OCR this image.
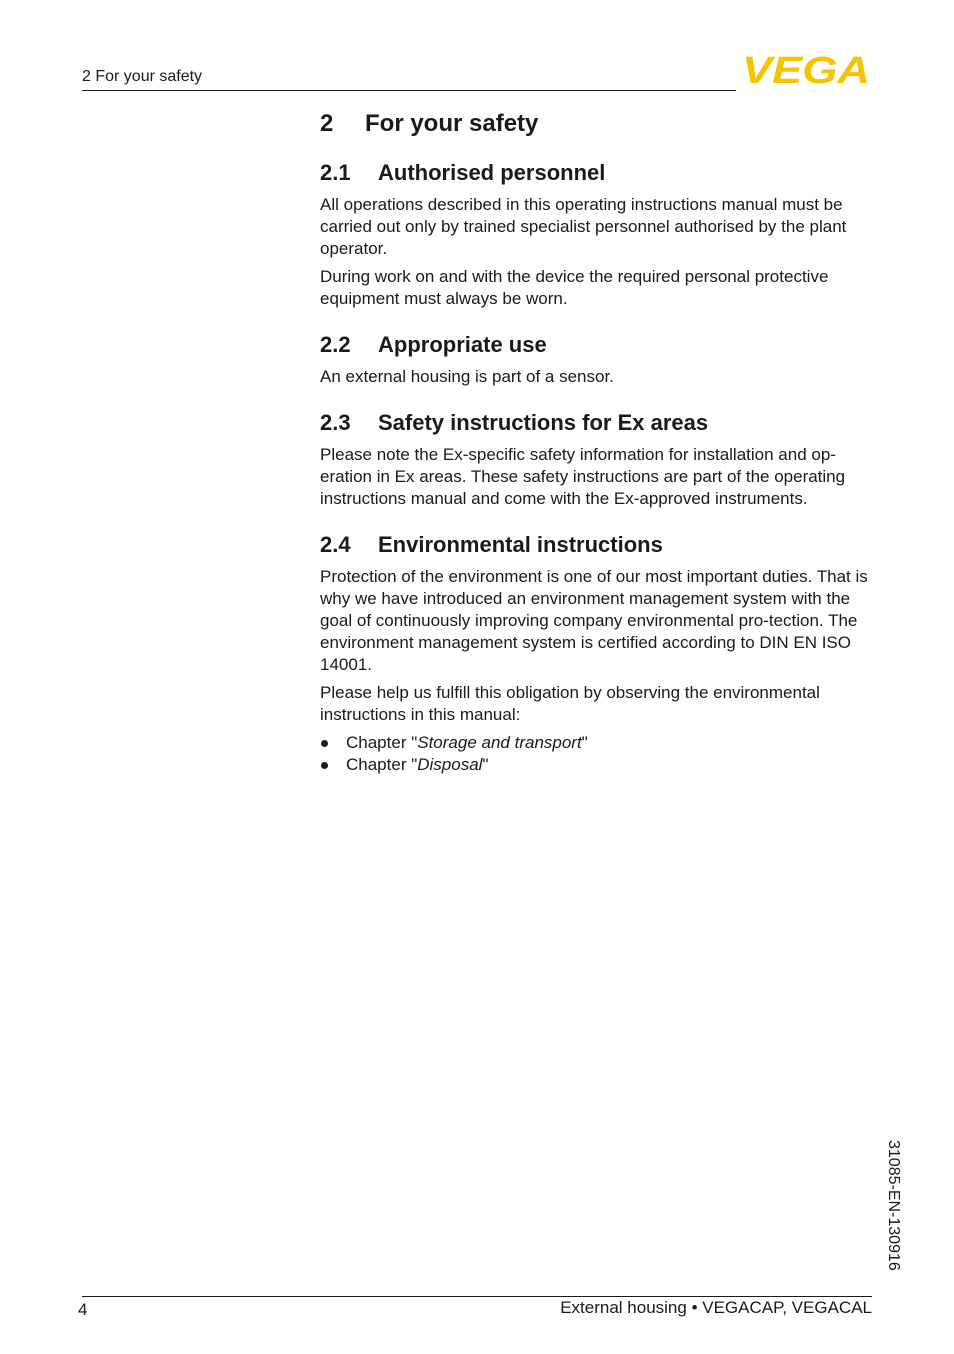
2 For your safety	VEGA
2 For your safety
2.1 Authorised personnel

All operations described in this operating instructions manual must be carried out only by trained specialist personnel authorised by the plant operator.

During work on and with the device the required personal protective equipment must always be worn.

2.2 Appropriate use

An external housing is part of a sensor.

2.3 Safety instructions for Ex areas

Please note the Ex-specific safety information for installation and op-eration in Ex areas. These safety instructions are part of the operating instructions manual and come with the Ex-approved instruments.

2.4 Environmental instructions

Protection of the environment is one of our most important duties. That is why we have introduced an environment management system with the goal of continuously improving company environmental pro-tection. The environment management system is certified according to DIN EN ISO 14001.

Please help us fulfill this obligation by observing the environmental instructions in this manual:

Chapter "Storage and transport"
Chapter "Disposal"
31085-EN-130916
4	External housing • VEGACAP, VEGACAL
